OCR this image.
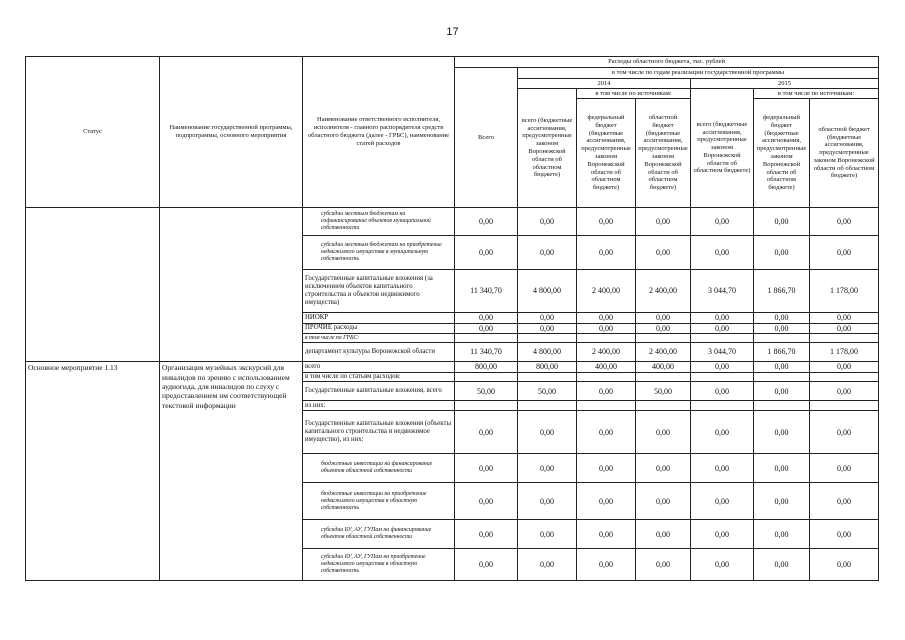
17
Статус	Наименование государственной программы, подпрограммы, основного мероприятия	Наименование ответственного исполнителя, исполнителя - главного распорядителя средств областного бюджета (далее - ГРБС), наименование статей расходов	Расходы областного бюджета, тыс. рублей						
			Всего	в том числе по годам реализации государственной программы					
				2014			2015		
				всего (бюджетные ассигнования, предусмотренные законом Воронежской области об областном бюджете)	в том числе по источникам:		всего (бюджетные ассигнования, предусмотренные законом Воронежской области об областном бюджете)	в том числе по источникам:	
					федеральный бюджет (бюджетные ассигнования, предусмотренные законом Воронежской области об областном бюджете)	областной бюджет (бюджетные ассигнования, предусмотренные законом Воронежской области об областном бюджете)		федеральный бюджет (бюджетные ассигнования, предусмотренные законом Воронежской области об областном бюджете)	областной бюджет (бюджетные ассигнования, предусмотренные законом Воронежской области об областном бюджете)
		субсидии местным бюджетам на софинансирование объектов муниципальной собственности	0,00	0,00	0,00	0,00	0,00	0,00	0,00
		субсидии местным бюджетам на приобретение недвижимого имущества в муниципальную собственность	0,00	0,00	0,00	0,00	0,00	0,00	0,00
		Государственные капитальные вложения (за исключением объектов капитального строительства и объектов недвижимого имущества)	11 340,70	4 800,00	2 400,00	2 400,00	3 044,70	1 866,70	1 178,00
		НИОКР	0,00	0,00	0,00	0,00	0,00	0,00	0,00
		ПРОЧИЕ расходы	0,00	0,00	0,00	0,00	0,00	0,00	0,00
		в том числе по ГРБС:							
		департамент культуры Воронежской области	11 340,70	4 800,00	2 400,00	2 400,00	3 044,70	1 866,70	1 178,00
Основное мероприятие 1.13	Организация музейных экскурсий для инвалидов по зрению с использованием аудиогида, для инвалидов по слуху с предоставлением им соответствующей текстовой информации	всего	800,00	800,00	400,00	400,00	0,00	0,00	0,00
		в том числе по статьям расходов:							
		Государственные капитальные вложения, всего	50,00	50,00	0,00	50,00	0,00	0,00	0,00
		из них:							
		Государственные капитальные вложения (объекты капитального строительства и недвижимое имущество), из них:	0,00	0,00	0,00	0,00	0,00	0,00	0,00
		бюджетные инвестиции на финансирование объектов областной собственности	0,00	0,00	0,00	0,00	0,00	0,00	0,00
		бюджетные инвестиции на приобретение недвижимого имущества в областную собственность	0,00	0,00	0,00	0,00	0,00	0,00	0,00
		субсидии БУ, АУ, ГУПам на финансирование объектов областной собственности	0,00	0,00	0,00	0,00	0,00	0,00	0,00
		субсидии БУ, АУ, ГУПам на приобретение недвижимого имущества в областную собственность	0,00	0,00	0,00	0,00	0,00	0,00	0,00
